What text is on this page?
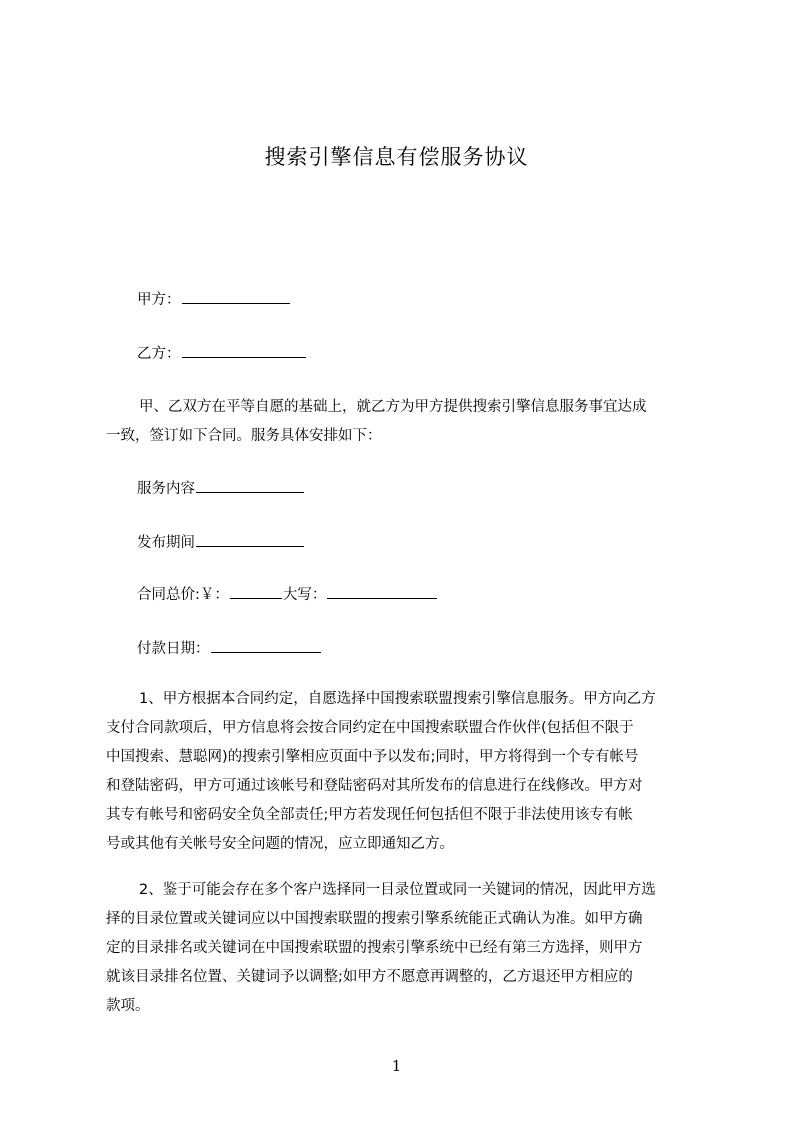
搜索引擎信息有偿服务协议
甲方：
乙方：
甲、乙双方在平等自愿的基础上，就乙方为甲方提供搜索引擎信息服务事宜达成
一致，签订如下合同。服务具体安排如下：
服务内容
发布期间
合同总价:￥：	大写：
付款日期：
1、甲方根据本合同约定，自愿选择中国搜索联盟搜索引擎信息服务。甲方向乙方
支付合同款项后，甲方信息将会按合同约定在中国搜索联盟合作伙伴(包括但不限于
中国搜索、慧聪网)的搜索引擎相应页面中予以发布;同时，甲方将得到一个专有帐号
和登陆密码，甲方可通过该帐号和登陆密码对其所发布的信息进行在线修改。甲方对
其专有帐号和密码安全负全部责任;甲方若发现任何包括但不限于非法使用该专有帐
号或其他有关帐号安全问题的情况，应立即通知乙方。
2、鉴于可能会存在多个客户选择同一目录位置或同一关键词的情况，因此甲方选
择的目录位置或关键词应以中国搜索联盟的搜索引擎系统能正式确认为准。如甲方确
定的目录排名或关键词在中国搜索联盟的搜索引擎系统中已经有第三方选择，则甲方
就该目录排名位置、关键词予以调整;如甲方不愿意再调整的，乙方退还甲方相应的
款项。
1
